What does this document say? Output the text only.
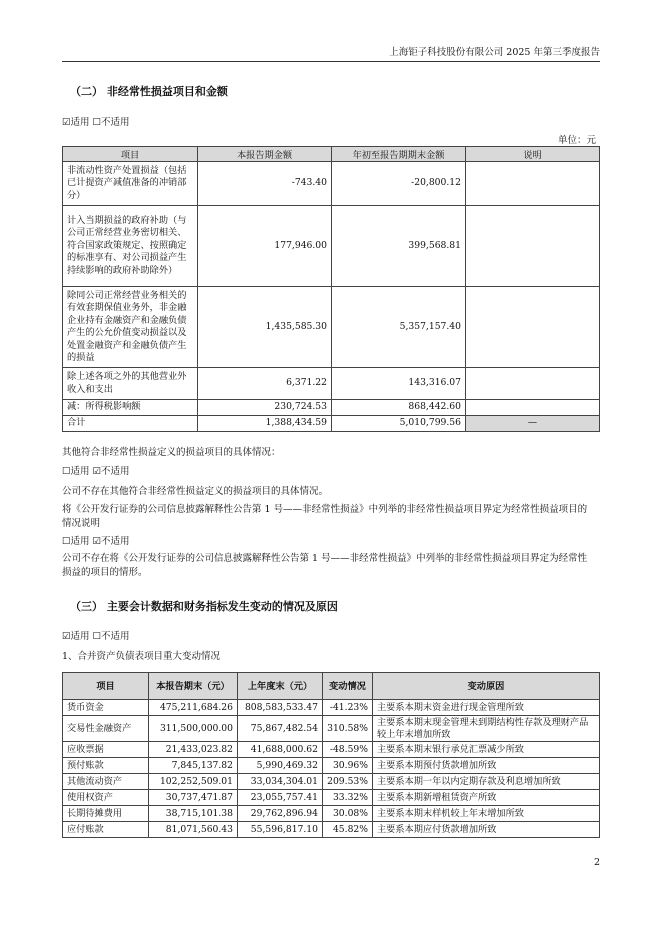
上海钜子科技股份有限公司 2025 年第三季度报告
（二） 非经常性损益项目和金额
☑适用 ☐不适用
单位：元
项目	本报告期金额	年初至报告期期末金额	说明
非流动性资产处置损益（包括已计提资产减值准备的冲销部分）	-743.40	-20,800.12	
计入当期损益的政府补助（与公司正常经营业务密切相关、符合国家政策规定、按照确定的标准享有、对公司损益产生持续影响的政府补助除外）	177,946.00	399,568.81	
除同公司正常经营业务相关的有效套期保值业务外，非金融企业持有金融资产和金融负债产生的公允价值变动损益以及处置金融资产和金融负债产生的损益	1,435,585.30	5,357,157.40	
除上述各项之外的其他营业外收入和支出	6,371.22	143,316.07	
减：所得税影响额	230,724.53	868,442.60	
合计	1,388,434.59	5,010,799.56	—
其他符合非经常性损益定义的损益项目的具体情况：
☐适用 ☑不适用
公司不存在其他符合非经常性损益定义的损益项目的具体情况。
将《公开发行证券的公司信息披露解释性公告第 1 号——非经常性损益》中列举的非经常性损益项目界定为经常性损益项目的情况说明
☐适用 ☑不适用
公司不存在将《公开发行证券的公司信息披露解释性公告第 1 号——非经常性损益》中列举的非经常性损益项目界定为经常性损益的项目的情形。
（三） 主要会计数据和财务指标发生变动的情况及原因
☑适用 ☐不适用
1、合并资产负债表项目重大变动情况
项目	本报告期末（元）	上年度末（元）	变动情况	变动原因
货币资金	475,211,684.26	808,583,533.47	-41.23%	主要系本期末资金进行现金管理所致
交易性金融资产	311,500,000.00	75,867,482.54	310.58%	主要系本期末现金管理未到期结构性存款及理财产品较上年末增加所致
应收票据	21,433,023.82	41,688,000.62	-48.59%	主要系本期末银行承兑汇票减少所致
预付账款	7,845,137.82	5,990,469.32	30.96%	主要系本期预付货款增加所致
其他流动资产	102,252,509.01	33,034,304.01	209.53%	主要系本期一年以内定期存款及利息增加所致
使用权资产	30,737,471.87	23,055,757.41	33.32%	主要系本期新增租赁资产所致
长期待摊费用	38,715,101.38	29,762,896.94	30.08%	主要系本期末样机较上年末增加所致
应付账款	81,071,560.43	55,596,817.10	45.82%	主要系本期应付货款增加所致
2
